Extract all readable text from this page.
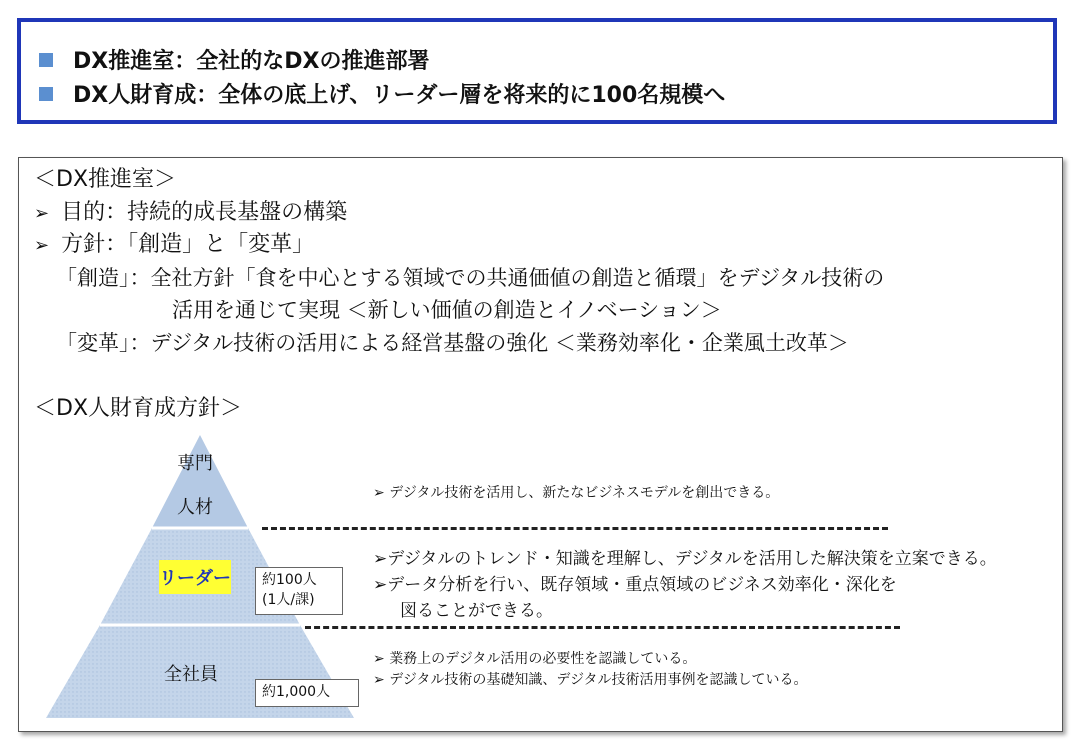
DX推進室：全社的なDXの推進部署
DX人財育成：全体の底上げ、リーダー層を将来的に100名規模へ
＜DX推進室＞
➢ 目的：持続的成長基盤の構築
➢ 方針：「創造」と「変革」
「創造」：全社方針「食を中心とする領域での共通価値の創造と循環」をデジタル技術の
活用を通じて実現 ＜新しい価値の創造とイノベーション＞
「変革」：デジタル技術の活用による経営基盤の強化 ＜業務効率化・企業風土改革＞
＜DX人財育成方針＞
専門
人材
リーダー 約100人
(1人/課)
全社員
約1,000人
➢ デジタル技術を活用し、新たなビジネスモデルを創出できる。
➢デジタルのトレンド・知識を理解し、デジタルを活用した解決策を立案できる。
➢データ分析を行い、既存領域・重点領域のビジネス効率化・深化を
図ることができる。
➢ 業務上のデジタル活用の必要性を認識している。
➢ デジタル技術の基礎知識、デジタル技術活用事例を認識している。
